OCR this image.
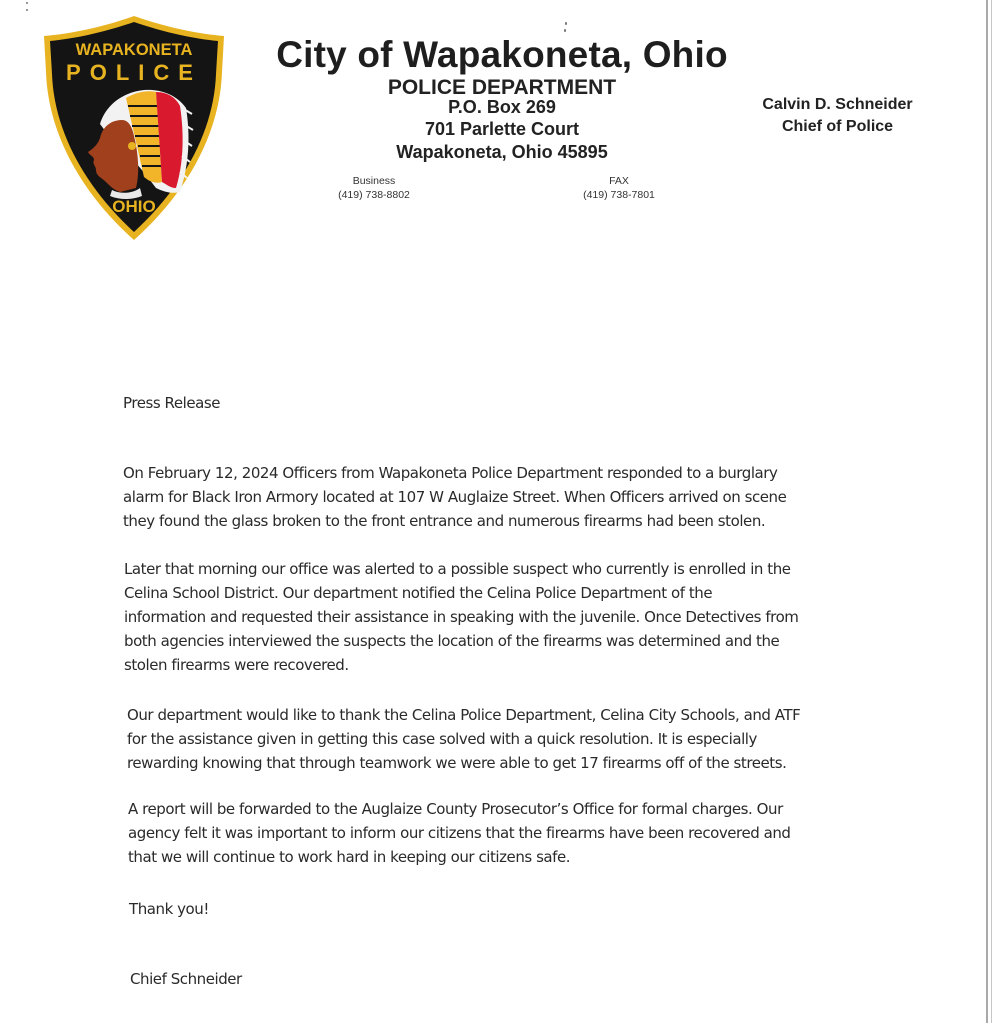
WAPAKONETA
POLICE
OHIO
City of Wapakoneta, Ohio
POLICE DEPARTMENT
P.O. Box 269
701 Parlette Court
Wapakoneta, Ohio 45895
Business
(419) 738-8802
FAX
(419) 738-7801
Calvin D. Schneider
Chief of Police
Press Release

On February 12, 2024 Officers from Wapakoneta Police Department responded to a burglary

alarm for Black Iron Armory located at 107 W Auglaize Street. When Officers arrived on scene

they found the glass broken to the front entrance and numerous firearms had been stolen.

Later that morning our office was alerted to a possible suspect who currently is enrolled in the

Celina School District. Our department notified the Celina Police Department of the

information and requested their assistance in speaking with the juvenile. Once Detectives from

both agencies interviewed the suspects the location of the firearms was determined and the

stolen firearms were recovered.

Our department would like to thank the Celina Police Department, Celina City Schools, and ATF

for the assistance given in getting this case solved with a quick resolution. It is especially

rewarding knowing that through teamwork we were able to get 17 firearms off of the streets.

A report will be forwarded to the Auglaize County Prosecutor’s Office for formal charges. Our

agency felt it was important to inform our citizens that the firearms have been recovered and

that we will continue to work hard in keeping our citizens safe.

Thank you!
Chief Schneider
